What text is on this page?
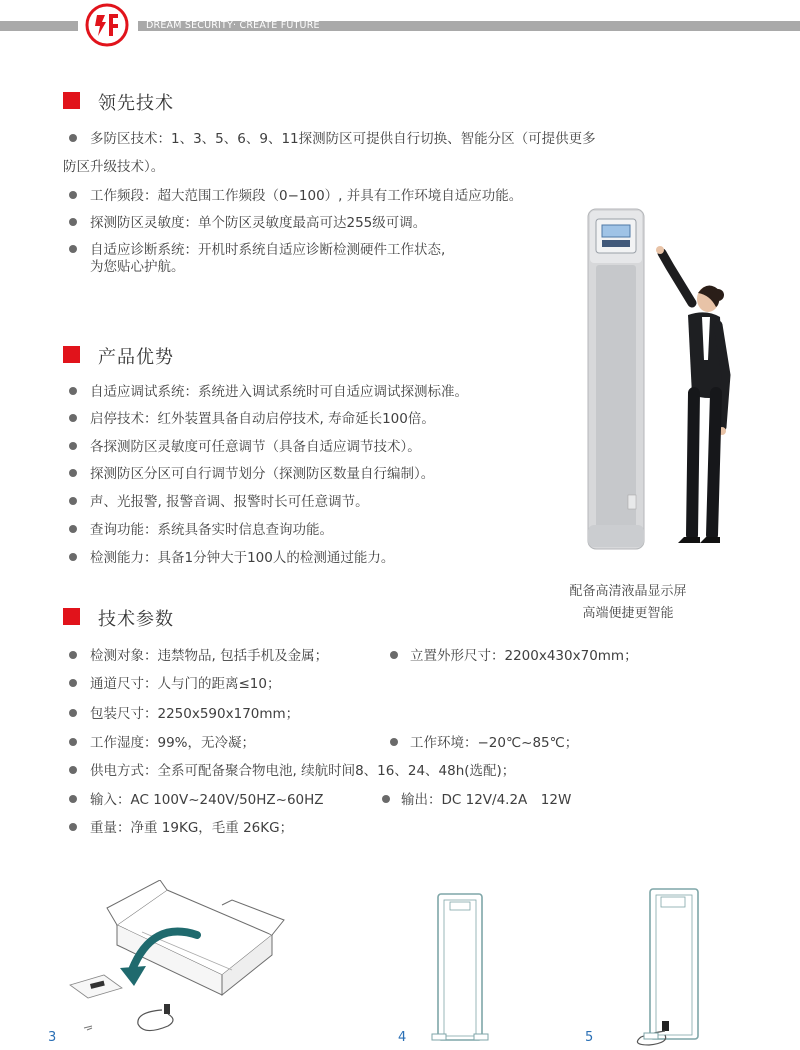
DREAM SECURITY· CREATE FUTURE
领先技术
多防区技术：1、3、5、6、9、11探测防区可提供自行切换、智能分区（可提供更多
防区升级技术）。
工作频段：超大范围工作频段（0−100）, 并具有工作环境自适应功能。
探测防区灵敏度：单个防区灵敏度最高可达255级可调。
自适应诊断系统：开机时系统自适应诊断检测硬件工作状态,
为您贴心护航。
产品优势
自适应调试系统：系统进入调试系统时可自适应调试探测标准。
启停技术：红外装置具备自动启停技术, 寿命延长100倍。
各探测防区灵敏度可任意调节（具备自适应调节技术）。
探测防区分区可自行调节划分（探测防区数量自行编制）。
声、光报警, 报警音调、报警时长可任意调节。
查询功能：系统具备实时信息查询功能。
检测能力：具备1分钟大于100人的检测通过能力。
技术参数
检测对象：违禁物品, 包括手机及金属；	立置外形尺寸：2200x430x70mm；
通道尺寸：人与门的距离≤10；
包装尺寸：2250x590x170mm；
工作湿度：99%，无冷凝；	工作环境：−20℃~85℃；
供电方式：全系可配备聚合物电池, 续航时间8、16、24、48h(选配)；
输入：AC 100V~240V/50HZ~60HZ	输出：DC 12V/4.2A　12W
重量：净重 19KG，毛重 26KG；
配备高清液晶显示屏
高端便捷更智能
3	4	5
